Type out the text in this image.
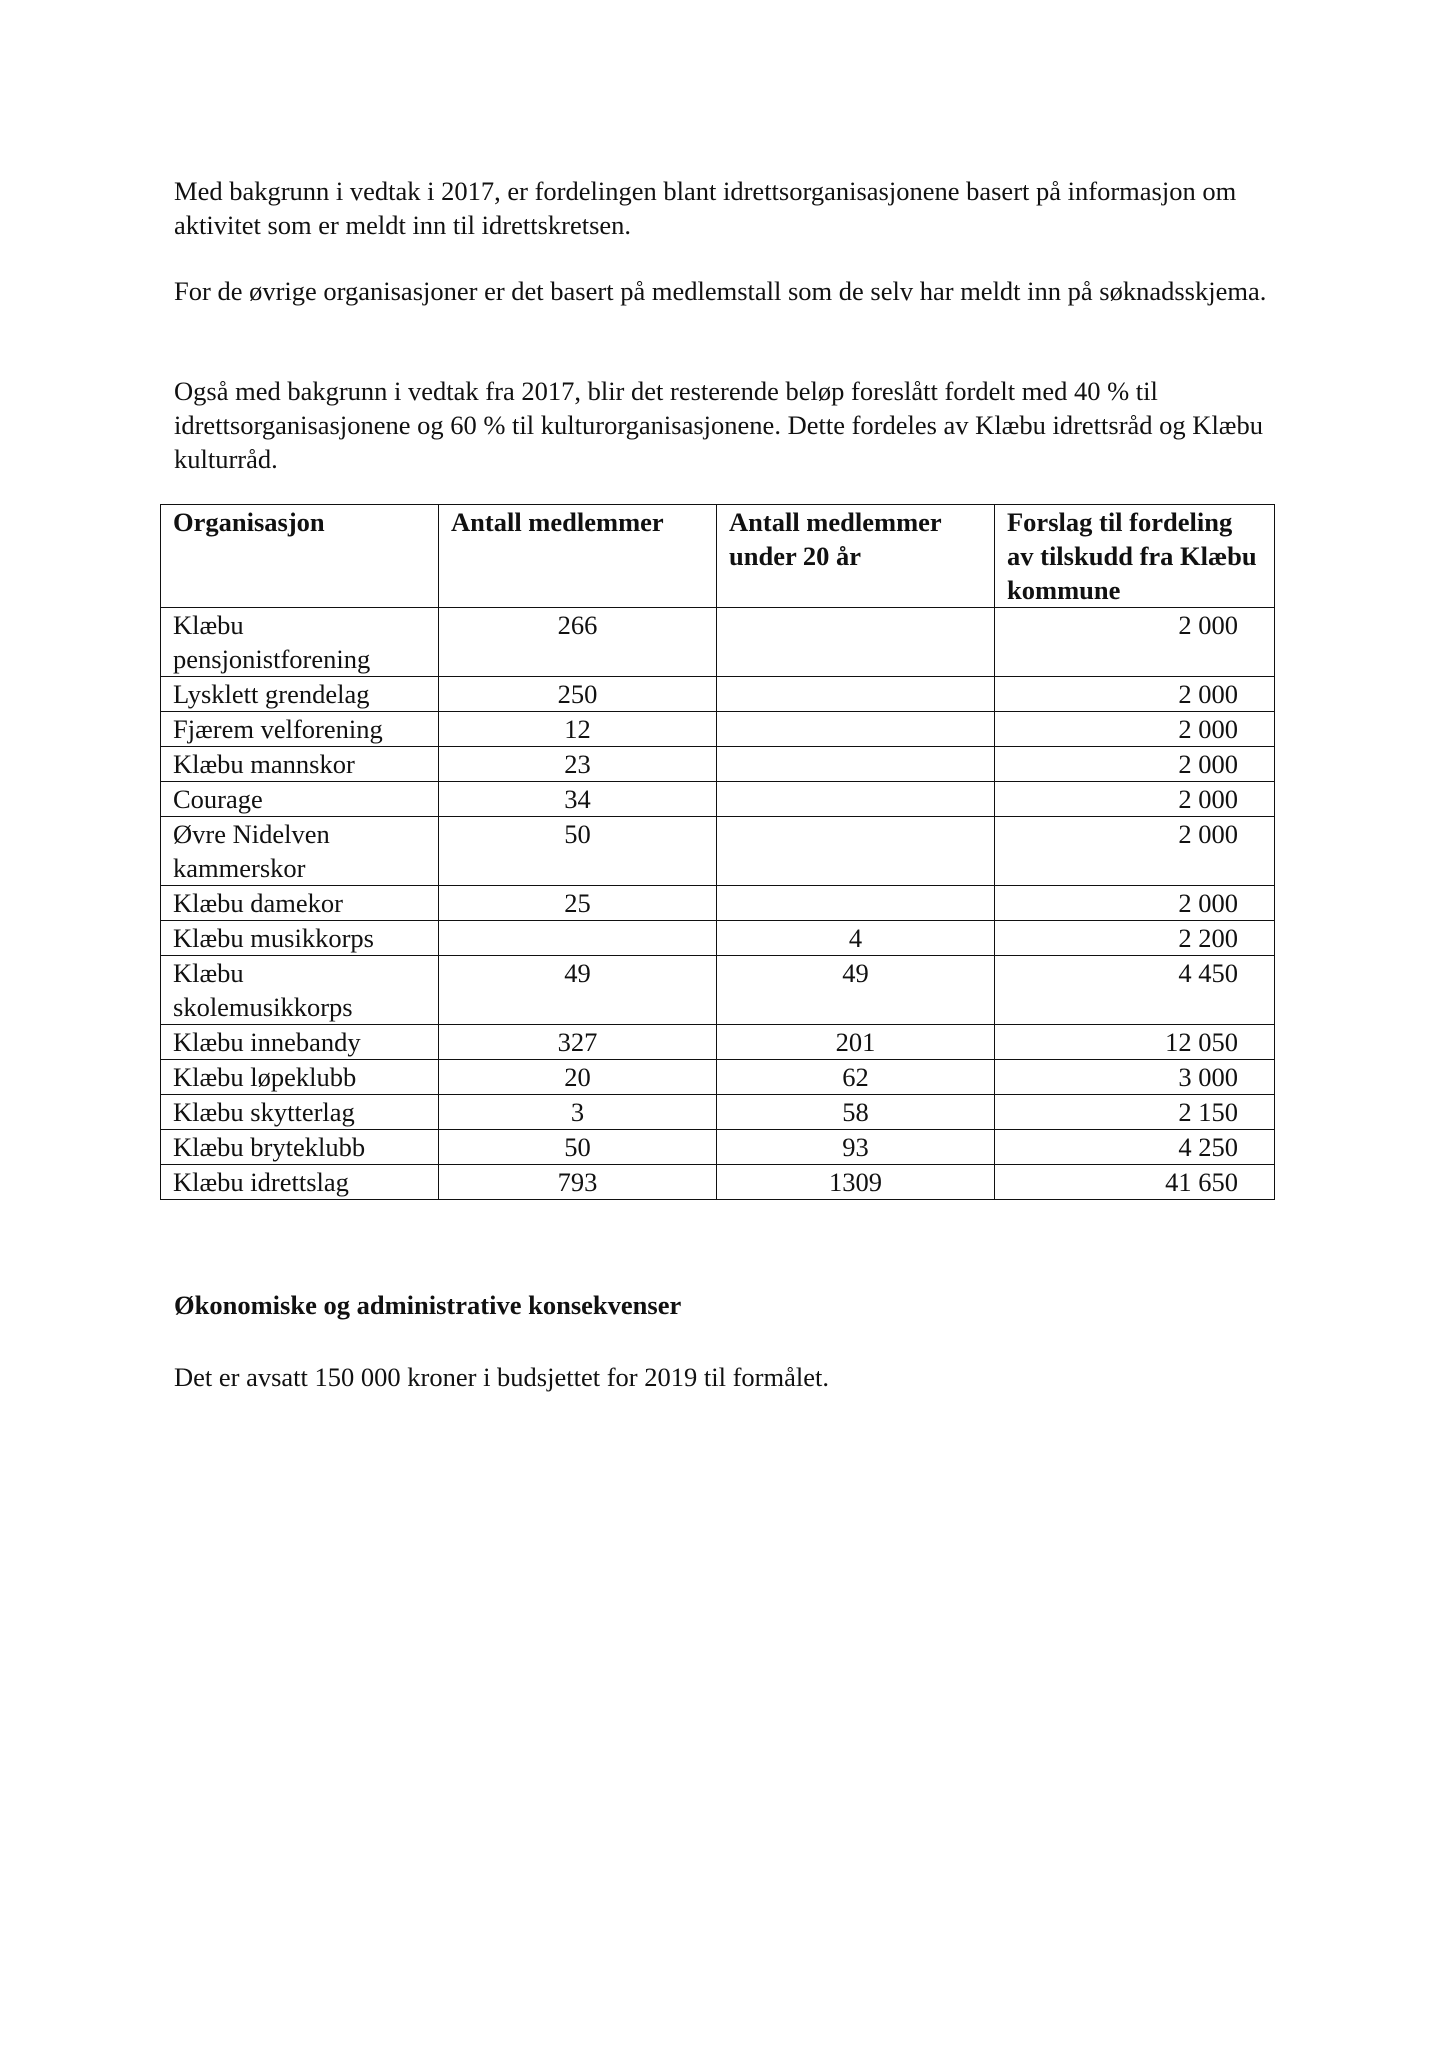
Med bakgrunn i vedtak i 2017, er fordelingen blant idrettsorganisasjonene basert på informasjon om aktivitet som er meldt inn til idrettskretsen.

For de øvrige organisasjoner er det basert på medlemstall som de selv har meldt inn på søknadsskjema.

Også med bakgrunn i vedtak fra 2017, blir det resterende beløp foreslått fordelt med 40 % til idrettsorganisasjonene og 60 % til kulturorganisasjonene. Dette fordeles av Klæbu idrettsråd og Klæbu kulturråd.

Organisasjon	Antall medlemmer	Antall medlemmer under 20 år	Forslag til fordeling av tilskudd fra Klæbu kommune
Klæbu pensjonistforening	266		2 000
Lysklett grendelag	250		2 000
Fjærem velforening	12		2 000
Klæbu mannskor	23		2 000
Courage	34		2 000
Øvre Nidelven kammerskor	50		2 000
Klæbu damekor	25		2 000
Klæbu musikkorps		4	2 200
Klæbu skolemusikkorps	49	49	4 450
Klæbu innebandy	327	201	12 050
Klæbu løpeklubb	20	62	3 000
Klæbu skytterlag	3	58	2 150
Klæbu bryteklubb	50	93	4 250
Klæbu idrettslag	793	1309	41 650
Økonomiske og administrative konsekvenser

Det er avsatt 150 000 kroner i budsjettet for 2019 til formålet.
